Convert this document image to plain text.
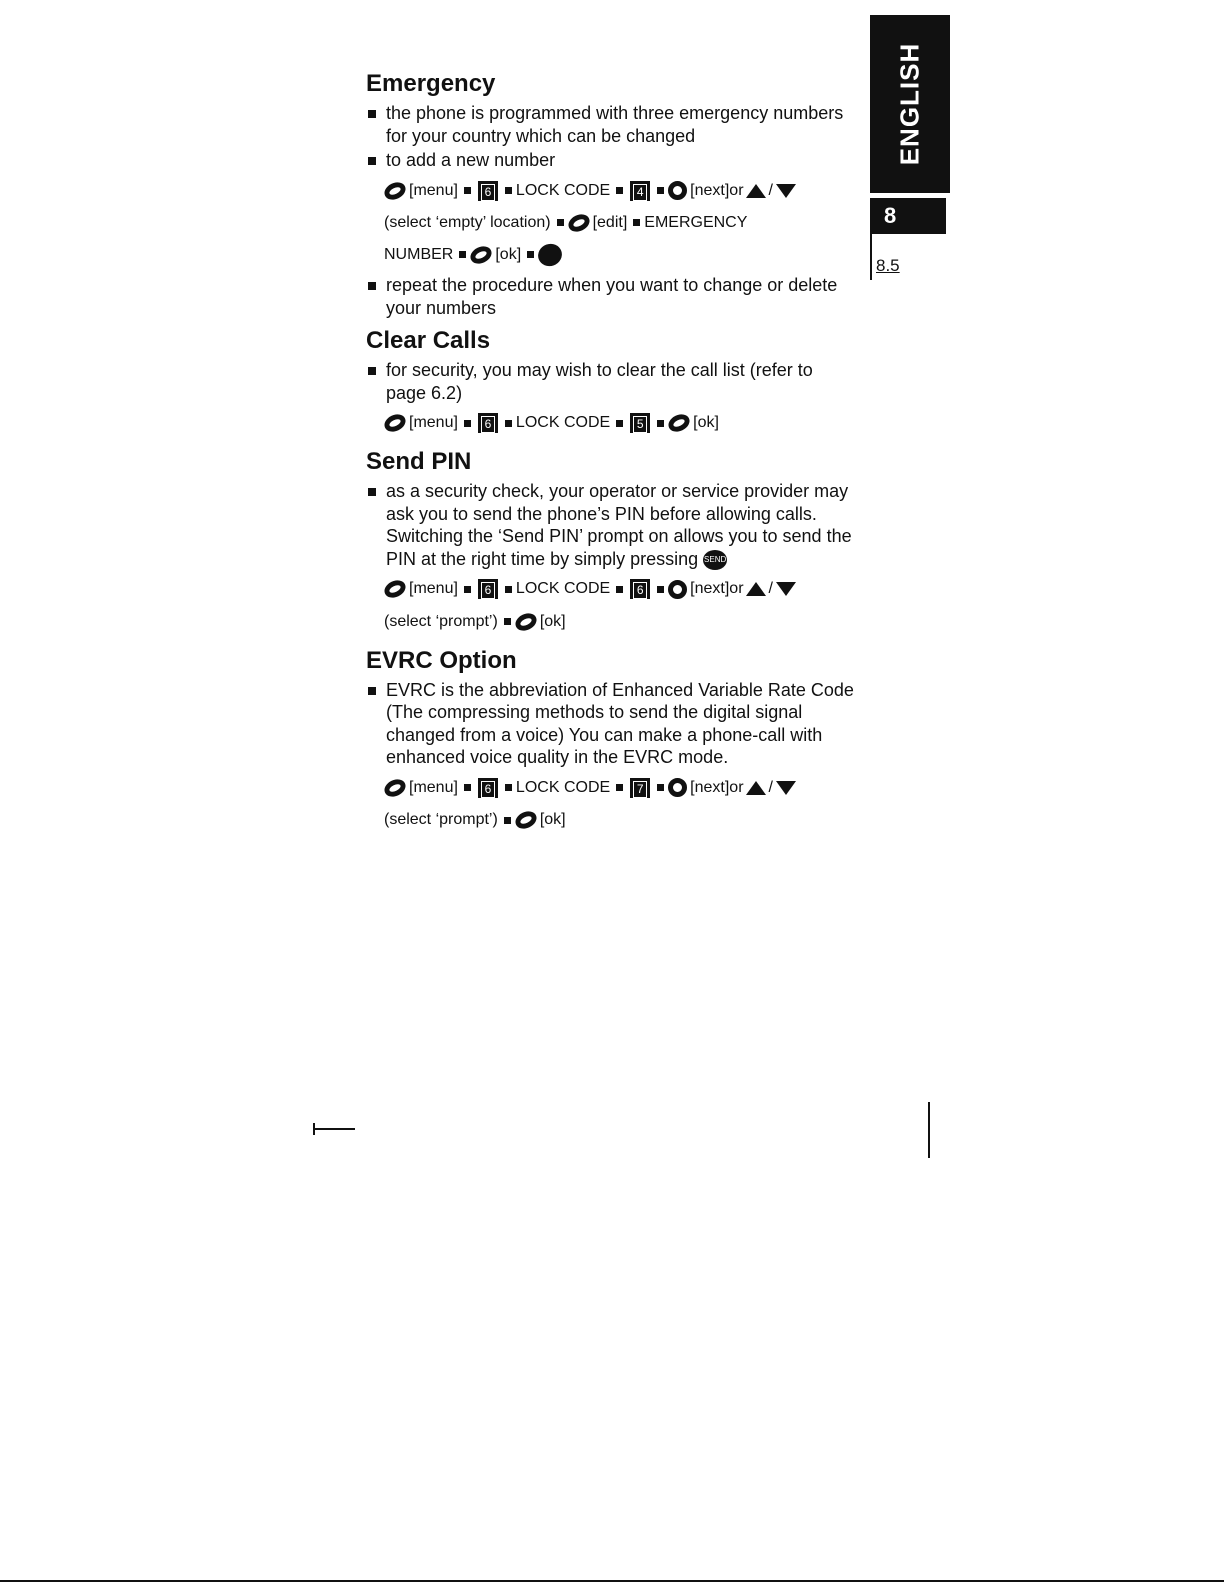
ENGLISH
8
8.5
Emergency
the phone is programmed with three emergency numbers for your country which can be changed
to add a new number
[menu] 6 LOCK CODE 4	[next]or /
(select ‘empty’ location)	[edit] EMERGENCY
NUMBER	[ok]
repeat the procedure when you want to change or delete your numbers
Clear Calls
for security, you may wish to clear the call list (refer to page 6.2)
[menu] 6 LOCK CODE 5	[ok]
Send PIN
as a security check, your operator or service provider may ask you to send the phone’s PIN before allowing calls. Switching the ‘Send PIN’ prompt on allows you to send the PIN at the right time by simply pressing SEND
[menu] 6 LOCK CODE 6	[next]or /
(select ‘prompt’)	[ok]
EVRC Option
EVRC is the abbreviation of Enhanced Variable Rate Code (The compressing methods to send the digital signal changed from a voice) You can make a phone-call with enhanced voice quality in the EVRC mode.
[menu] 6 LOCK CODE 7	[next]or /
(select ‘prompt’)	[ok]
